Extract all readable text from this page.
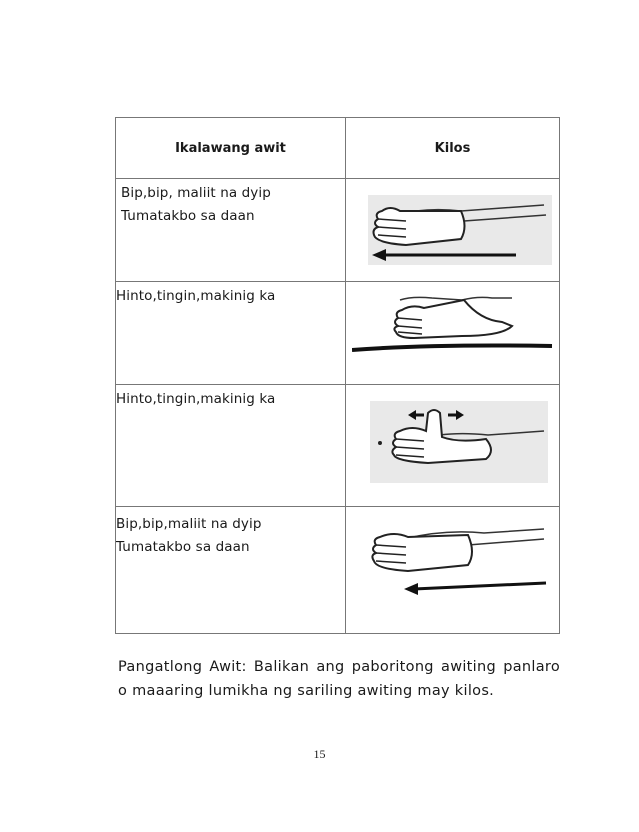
Ikalawang awit	Kilos

Bip,bip, maliit na dyip
Tumatakbo sa daan

Hinto,tingin,makinig ka

Hinto,tingin,makinig ka

Bip,bip,maliit na dyip
Tumatakbo sa daan

Pangatlong Awit: Balikan ang paboritong awiting panlaro o maaaring lumikha ng sariling awiting may kilos.

15
